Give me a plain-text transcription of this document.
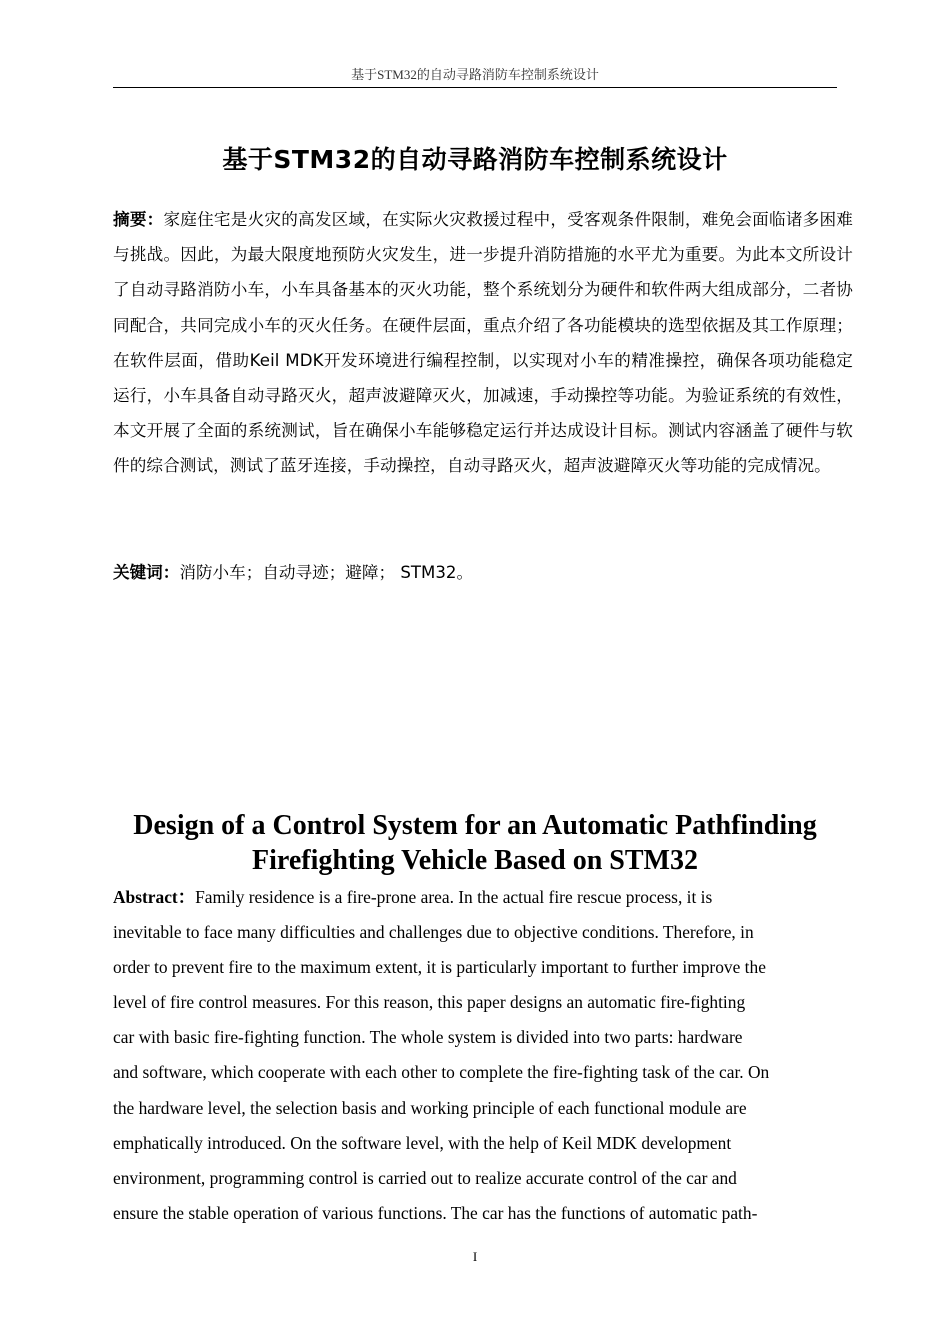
基于STM32的自动寻路消防车控制系统设计
基于STM32的自动寻路消防车控制系统设计
摘要：家庭住宅是火灾的高发区域，在实际火灾救援过程中，受客观条件限制，难免会面临诸多困难与挑战。因此，为最大限度地预防火灾发生，进一步提升消防措施的水平尤为重要。为此本文所设计了自动寻路消防小车，小车具备基本的灭火功能，整个系统划分为硬件和软件两大组成部分，二者协同配合，共同完成小车的灭火任务。在硬件层面，重点介绍了各功能模块的选型依据及其工作原理；在软件层面，借助Keil MDK开发环境进行编程控制，以实现对小车的精准操控，确保各项功能稳定运行，小车具备自动寻路灭火，超声波避障灭火，加减速，手动操控等功能。为验证系统的有效性，本文开展了全面的系统测试，旨在确保小车能够稳定运行并达成设计目标。测试内容涵盖了硬件与软件的综合测试，测试了蓝牙连接，手动操控，自动寻路灭火，超声波避障灭火等功能的完成情况。
关键词：消防小车；自动寻迹；避障； STM32。
Design of a Control System for an Automatic Pathfinding Firefighting Vehicle Based on STM32
Abstract：Family residence is a fire-prone area. In the actual fire rescue process, it is
inevitable to face many difficulties and challenges due to objective conditions. Therefore, in
order to prevent fire to the maximum extent, it is particularly important to further improve the
level of fire control measures. For this reason, this paper designs an automatic fire-fighting
car with basic fire-fighting function. The whole system is divided into two parts: hardware
and software, which cooperate with each other to complete the fire-fighting task of the car. On
the hardware level, the selection basis and working principle of each functional module are
emphatically introduced. On the software level, with the help of Keil MDK development
environment, programming control is carried out to realize accurate control of the car and
ensure the stable operation of various functions. The car has the functions of automatic path-
I
